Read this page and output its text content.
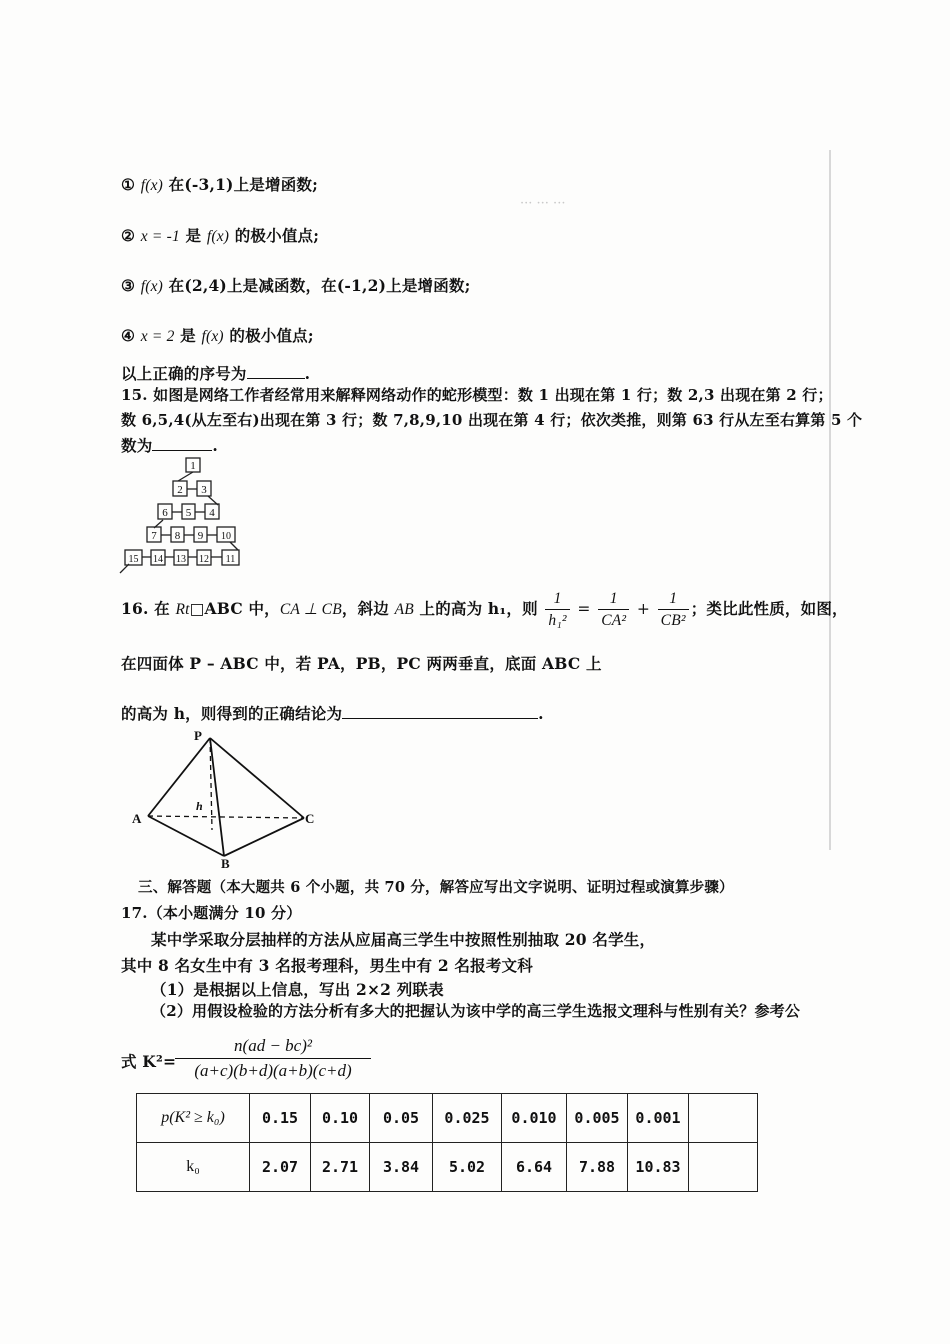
··· ··· ···
① f(x) 在(-3,1)上是增函数;
② x = -1 是 f(x) 的极小值点;
③ f(x) 在(2,4)上是减函数，在(-1,2)上是增函数;
④ x = 2 是 f(x) 的极小值点;
以上正确的序号为	.
15. 如图是网络工作者经常用来解释网络动作的蛇形模型：数 1 出现在第 1 行；数 2,3 出现在第 2 行；
数 6,5,4(从左至右)出现在第 3 行；数 7,8,9,10 出现在第 4 行；依次类推，则第 63 行从左至右算第 5 个
数为	.
1
2 3
6 5 4
7 8 9 10
15 14 13 12 11
16. 在 Rt□ABC 中，CA ⊥ CB，斜边 AB 上的高为 h₁，则 $\frac{1}{\text{h₁²}} = \frac{1}{\text{CA²}} + \frac{1}{\text{CB²}}$ ；类比此性质，如图，
在四面体 P – ABC 中，若 PA，PB，PC 两两垂直，底面 ABC 上
的高为 h，则得到的正确结论为	.
P
A
B
C
h
三、解答题（本大题共 6 个小题，共 70 分，解答应写出文字说明、证明过程或演算步骤）
17.（本小题满分 10 分）
某中学采取分层抽样的方法从应届高三学生中按照性别抽取 20 名学生，
其中 8 名女生中有 3 名报考理科，男生中有 2 名报考文科
（1）是根据以上信息，写出 2×2 列联表
（2）用假设检验的方法分析有多大的把握认为该中学的高三学生选报文理科与性别有关？参考公
式 K²=
$\frac{\text{n(ad − bc)²}}{(a+c)(b+d)(a+b)(c+d)}$
p(K² ≥ k₀)	0.15	0.10	0.05	0.025	0.010	0.005	0.001	
k₀	2.07	2.71	3.84	5.02	6.64	7.88	10.83	
